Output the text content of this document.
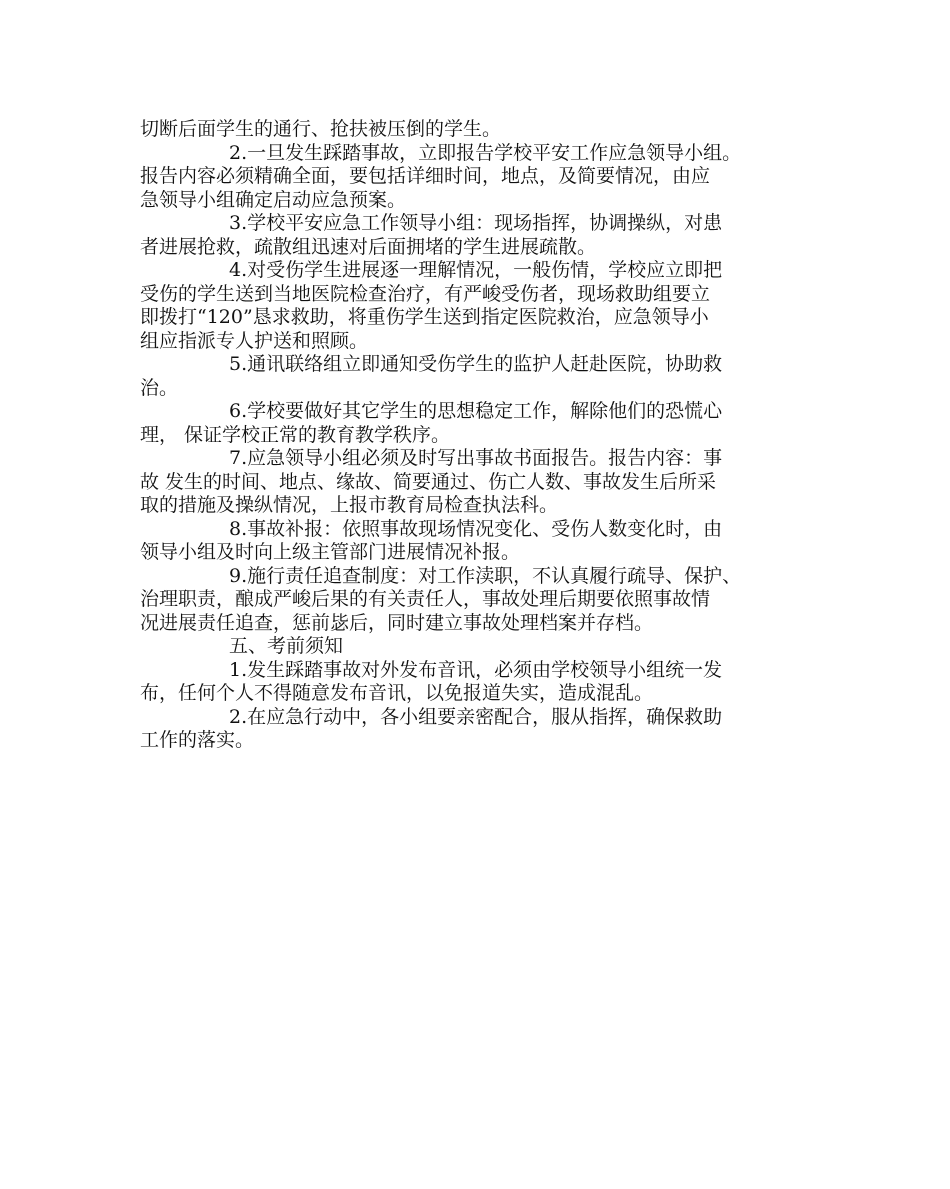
切断后面学生的通行、抢扶被压倒的学生。
2.一旦发生踩踏事故，立即报告学校平安工作应急领导小组。
报告内容必须精确全面，要包括详细时间，地点，及简要情况，由应
急领导小组确定启动应急预案。
3.学校平安应急工作领导小组：现场指挥，协调操纵，对患
者进展抢救，疏散组迅速对后面拥堵的学生进展疏散。
4.对受伤学生进展逐一理解情况，一般伤情，学校应立即把
受伤的学生送到当地医院检查治疗，有严峻受伤者，现场救助组要立
即拨打“120”恳求救助，将重伤学生送到指定医院救治，应急领导小
组应指派专人护送和照顾。
5.通讯联络组立即通知受伤学生的监护人赶赴医院，协助救
治。
6.学校要做好其它学生的思想稳定工作，解除他们的恐慌心
理， 保证学校正常的教育教学秩序。
7.应急领导小组必须及时写出事故书面报告。报告内容：事
故 发生的时间、地点、缘故、简要通过、伤亡人数、事故发生后所采
取的措施及操纵情况，上报市教育局检查执法科。
8.事故补报：依照事故现场情况变化、受伤人数变化时，由
领导小组及时向上级主管部门进展情况补报。
9.施行责任追查制度：对工作渎职，不认真履行疏导、保护、
治理职责，酿成严峻后果的有关责任人，事故处理后期要依照事故情
况进展责任追查，惩前毖后，同时建立事故处理档案并存档。
五、考前须知
1.发生踩踏事故对外发布音讯，必须由学校领导小组统一发
布，任何个人不得随意发布音讯，以免报道失实，造成混乱。
2.在应急行动中，各小组要亲密配合，服从指挥，确保救助
工作的落实。
